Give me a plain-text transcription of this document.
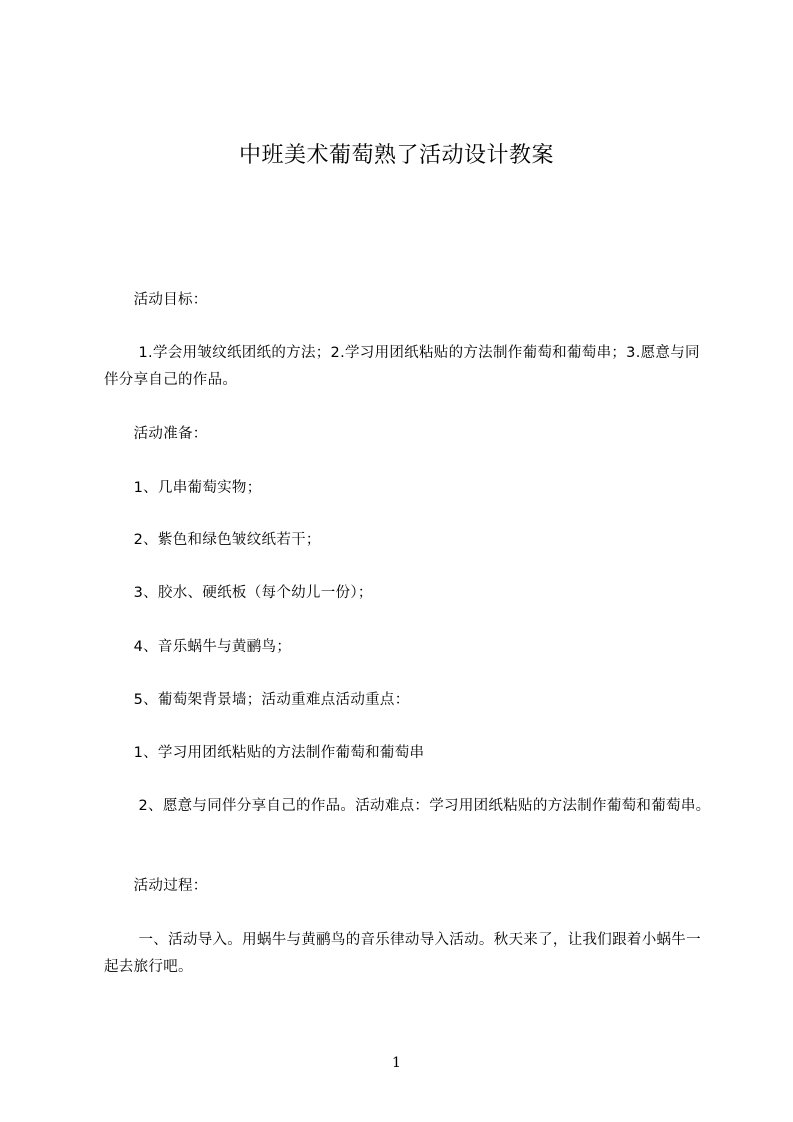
中班美术葡萄熟了活动设计教案
　　活动目标：
　　 1.学会用皱纹纸团纸的方法；2.学习用团纸粘贴的方法制作葡萄和葡萄串；3.愿意与同伴分享自己的作品。
　　活动准备：
　　1、几串葡萄实物；
　　2、紫色和绿色皱纹纸若干；
　　3、胶水、硬纸板（每个幼儿一份）；
　　4、音乐蜗牛与黄鹂鸟；
　　5、葡萄架背景墙；活动重难点活动重点：
　　1、学习用团纸粘贴的方法制作葡萄和葡萄串
　　 2、愿意与同伴分享自己的作品。活动难点：学习用团纸粘贴的方法制作葡萄和葡萄串。
　　活动过程：
　　 一、活动导入。用蜗牛与黄鹂鸟的音乐律动导入活动。秋天来了，让我们跟着小蜗牛一起去旅行吧。
1
